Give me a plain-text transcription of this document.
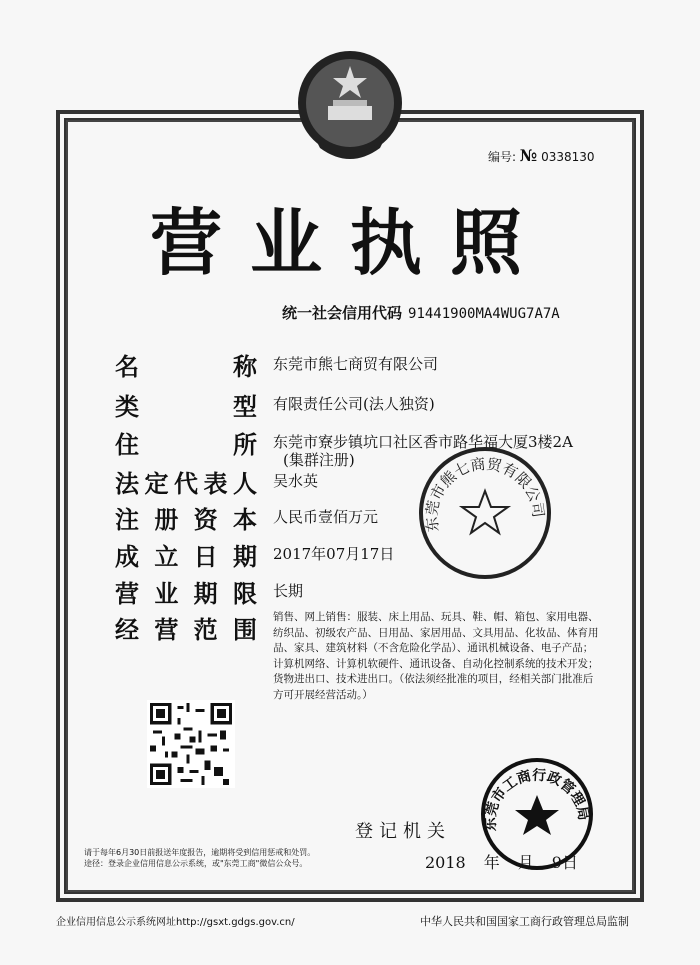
编号: № 0338130
营业执照
统一社会信用代码 91441900MA4WUG7A7A
名	称 东莞市熊七商贸有限公司
类	型 有限责任公司(法人独资)
住	所 东莞市寮步镇坑口社区香市路华福大厦3楼2A
(集群注册)
法 定 代 表 人 吴水英
注 册 资 本 人民币壹佰万元
成 立 日 期 2017年07月17日
营 业 期 限 长期
经 营 范 围 销售、网上销售：服装、床上用品、玩具、鞋、帽、箱包、家用电器、纺织品、初级农产品、日用品、家居用品、文具用品、化妆品、体育用品、家具、建筑材料（不含危险化学品）、通讯机械设备、电子产品；计算机网络、计算机软硬件、通讯设备、自动化控制系统的技术开发；货物进出口、技术进出口。（依法须经批准的项目，经相关部门批准后方可开展经营活动。）
东莞市熊七商贸有限公司
东莞市工商行政管理局
登记机关
2018 年 月 9日
请于每年6月30日前报送年度报告，逾期将受到信用惩戒和处罚。
途径：登录企业信用信息公示系统，或"东莞工商"微信公众号。
企业信用信息公示系统网址http://gsxt.gdgs.gov.cn/	中华人民共和国国家工商行政管理总局监制
